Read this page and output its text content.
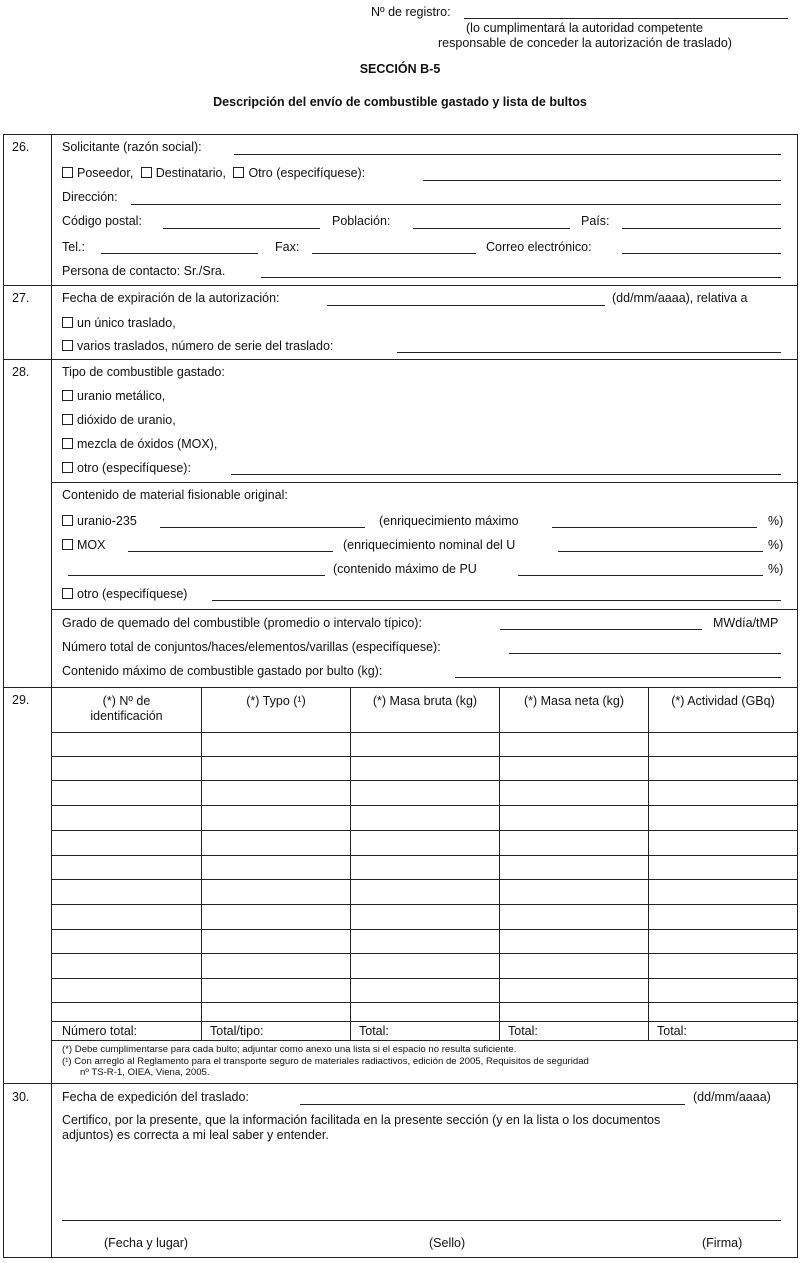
Nº de registro:
(lo cumplimentará la autoridad competente
responsable de conceder la autorización de traslado)
SECCIÓN B-5
Descripción del envío de combustible gastado y lista de bultos
26.	Solicitante (razón social):
Poseedor, Destinatario, Otro (especifíquese):
Dirección:
Código postal:	Población:	País:
Tel.:	Fax:	Correo electrónico:
Persona de contacto: Sr./Sra.
27.	Fecha de expiración de la autorización:	(dd/mm/aaaa), relativa a
un único traslado,
varios traslados, número de serie del traslado:
28.	Tipo de combustible gastado:
uranio metálico,
dióxido de uranio,
mezcla de óxidos (MOX),
otro (especifíquese):
Contenido de material fisionable original:
uranio-235	(enriquecimiento máximo	%)
MOX	(enriquecimiento nominal del U	%)
(contenido máximo de PU	%)
otro (especifíquese)
Grado de quemado del combustible (promedio o intervalo típico):	MWdía/tMP
Número total de conjuntos/haces/elementos/varillas (especifíquese):
Contenido máximo de combustible gastado por bulto (kg):
29.	(*) Nº de
identificación
(*) Typo (¹)	(*) Masa bruta (kg)	(*) Masa neta (kg)	(*) Actividad (GBq)
Número total:	Total/tipo:	Total:	Total:	Total:
(*) Debe cumplimentarse para cada bulto; adjuntar como anexo una lista si el espacio no resulta suficiente.
(¹) Con arreglo al Reglamento para el transporte seguro de materiales radiactivos, edición de 2005, Requisitos de seguridad
nº TS-R-1, OIEA, Viena, 2005.
30.	Fecha de expedición del traslado:	(dd/mm/aaaa)
Certifico, por la presente, que la información facilitada en la presente sección (y en la lista o los documentos
adjuntos) es correcta a mi leal saber y entender.
(Fecha y lugar)	(Sello)	(Firma)
